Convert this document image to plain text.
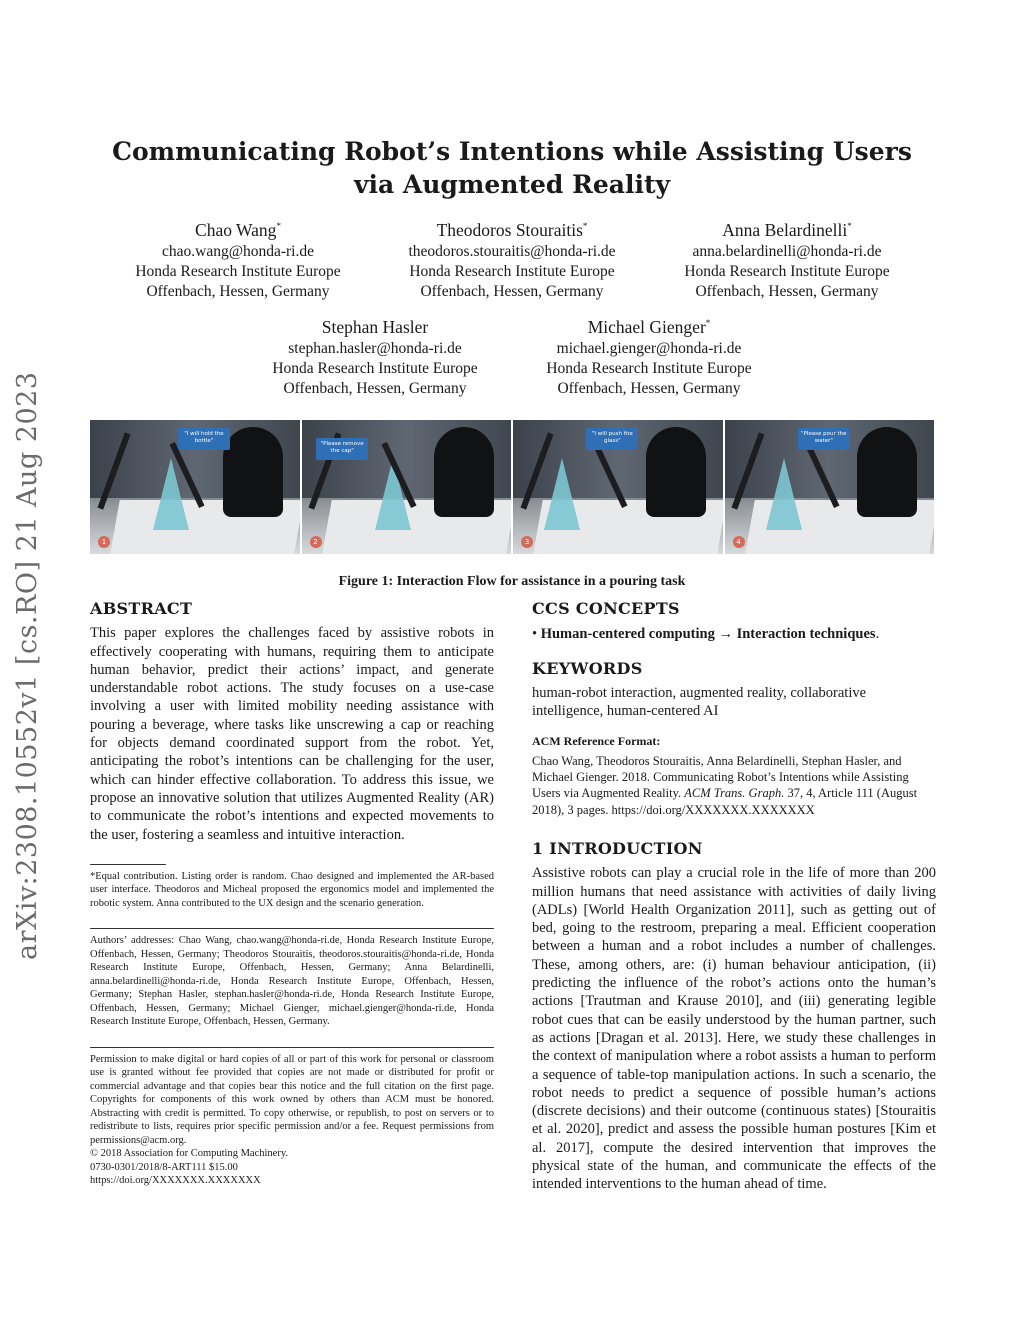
arXiv:2308.10552v1 [cs.RO] 21 Aug 2023
Communicating Robot’s Intentions while Assisting Users via Augmented Reality
Chao Wang*
chao.wang@honda-ri.de
Honda Research Institute Europe
Offenbach, Hessen, Germany
Theodoros Stouraitis*
theodoros.stouraitis@honda-ri.de
Honda Research Institute Europe
Offenbach, Hessen, Germany
Anna Belardinelli*
anna.belardinelli@honda-ri.de
Honda Research Institute Europe
Offenbach, Hessen, Germany
Stephan Hasler
stephan.hasler@honda-ri.de
Honda Research Institute Europe
Offenbach, Hessen, Germany
Michael Gienger*
michael.gienger@honda-ri.de
Honda Research Institute Europe
Offenbach, Hessen, Germany
"I will hold the bottle"
1
"Please remove the cap"
2
"I will push the glass"
3
"Please pour the water"
4
Figure 1: Interaction Flow for assistance in a pouring task
ABSTRACT

This paper explores the challenges faced by assistive robots in effectively cooperating with humans, requiring them to anticipate human behavior, predict their actions’ impact, and generate understandable robot actions. The study focuses on a use-case involving a user with limited mobility needing assistance with pouring a beverage, where tasks like unscrewing a cap or reaching for objects demand coordinated support from the robot. Yet, anticipating the robot’s intentions can be challenging for the user, which can hinder effective collaboration. To address this issue, we propose an innovative solution that utilizes Augmented Reality (AR) to communicate the robot’s intentions and expected movements to the user, fostering a seamless and intuitive interaction.

*Equal contribution. Listing order is random. Chao designed and implemented the AR-based user interface. Theodoros and Micheal proposed the ergonomics model and implemented the robotic system. Anna contributed to the UX design and the scenario generation.

Authors’ addresses: Chao Wang, chao.wang@honda-ri.de, Honda Research Institute Europe, Offenbach, Hessen, Germany; Theodoros Stouraitis, theodoros.stouraitis@honda-ri.de, Honda Research Institute Europe, Offenbach, Hessen, Germany; Anna Belardinelli, anna.belardinelli@honda-ri.de, Honda Research Institute Europe, Offenbach, Hessen, Germany; Stephan Hasler, stephan.hasler@honda-ri.de, Honda Research Institute Europe, Offenbach, Hessen, Germany; Michael Gienger, michael.gienger@honda-ri.de, Honda Research Institute Europe, Offenbach, Hessen, Germany.

Permission to make digital or hard copies of all or part of this work for personal or classroom use is granted without fee provided that copies are not made or distributed for profit or commercial advantage and that copies bear this notice and the full citation on the first page. Copyrights for components of this work owned by others than ACM must be honored. Abstracting with credit is permitted. To copy otherwise, or republish, to post on servers or to redistribute to lists, requires prior specific permission and/or a fee. Request permissions from permissions@acm.org.

© 2018 Association for Computing Machinery.
0730-0301/2018/8-ART111 $15.00
https://doi.org/XXXXXXX.XXXXXXX
CCS CONCEPTS
• Human-centered computing → Interaction techniques.
KEYWORDS

human-robot interaction, augmented reality, collaborative intelligence, human-centered AI

ACM Reference Format:

Chao Wang, Theodoros Stouraitis, Anna Belardinelli, Stephan Hasler, and Michael Gienger. 2018. Communicating Robot’s Intentions while Assisting Users via Augmented Reality. ACM Trans. Graph. 37, 4, Article 111 (August 2018), 3 pages. https://doi.org/XXXXXXX.XXXXXXX

1 INTRODUCTION

Assistive robots can play a crucial role in the life of more than 200 million humans that need assistance with activities of daily living (ADLs) [World Health Organization 2011], such as getting out of bed, going to the restroom, preparing a meal. Efficient cooperation between a human and a robot includes a number of challenges. These, among others, are: (i) human behaviour anticipation, (ii) predicting the influence of the robot’s actions onto the human’s actions [Trautman and Krause 2010], and (iii) generating legible robot cues that can be easily understood by the human partner, such as actions [Dragan et al. 2013]. Here, we study these challenges in the context of manipulation where a robot assists a human to perform a sequence of table-top manipulation actions. In such a scenario, the robot needs to predict a sequence of possible human’s actions (discrete decisions) and their outcome (continuous states) [Stouraitis et al. 2020], predict and assess the possible human postures [Kim et al. 2017], compute the desired intervention that improves the physical state of the human, and communicate the effects of the intended interventions to the human ahead of time.
